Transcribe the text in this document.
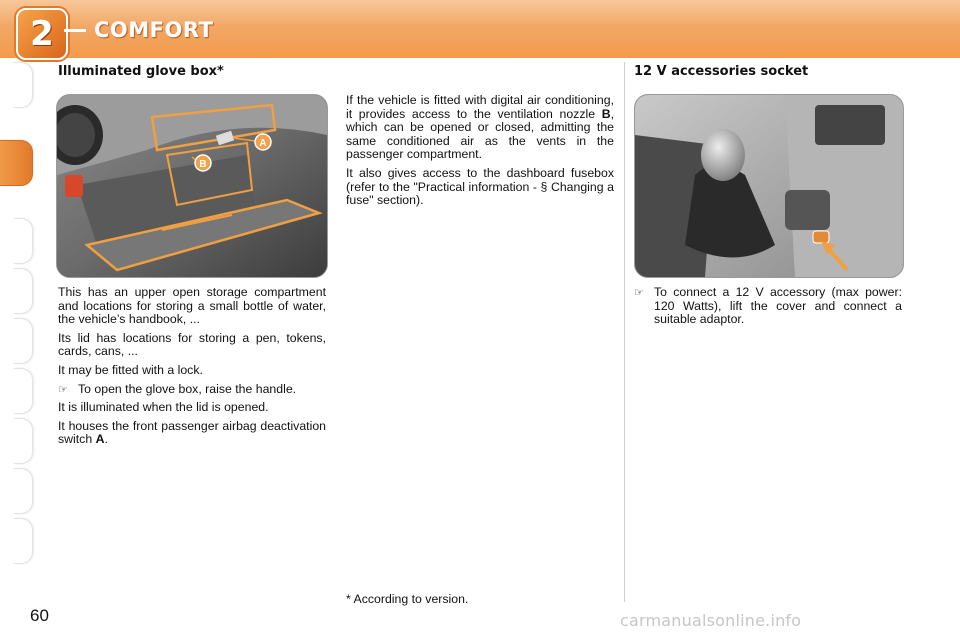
2 COMFORT
Illuminated glove box*
A
B

This has an upper open storage compartment and locations for storing a small bottle of water, the vehicle’s handbook, ...

Its lid has locations for storing a pen, tokens, cards, cans, ...

It may be fitted with a lock.

☞ To open the glove box, raise the handle.

It is illuminated when the lid is opened.

It houses the front passenger airbag deactivation switch A.

If the vehicle is fitted with digital air conditioning, it provides access to the ventilation nozzle B, which can be opened or closed, admitting the same conditioned air as the vents in the passenger compartment.

It also gives access to the dashboard fusebox (refer to the "Practical information - § Changing a fuse" section).

12 V accessories socket

☞ To connect a 12 V accessory (max power: 120 Watts), lift the cover and connect a suitable adaptor.

* According to version.
60	carmanualsonline.info
